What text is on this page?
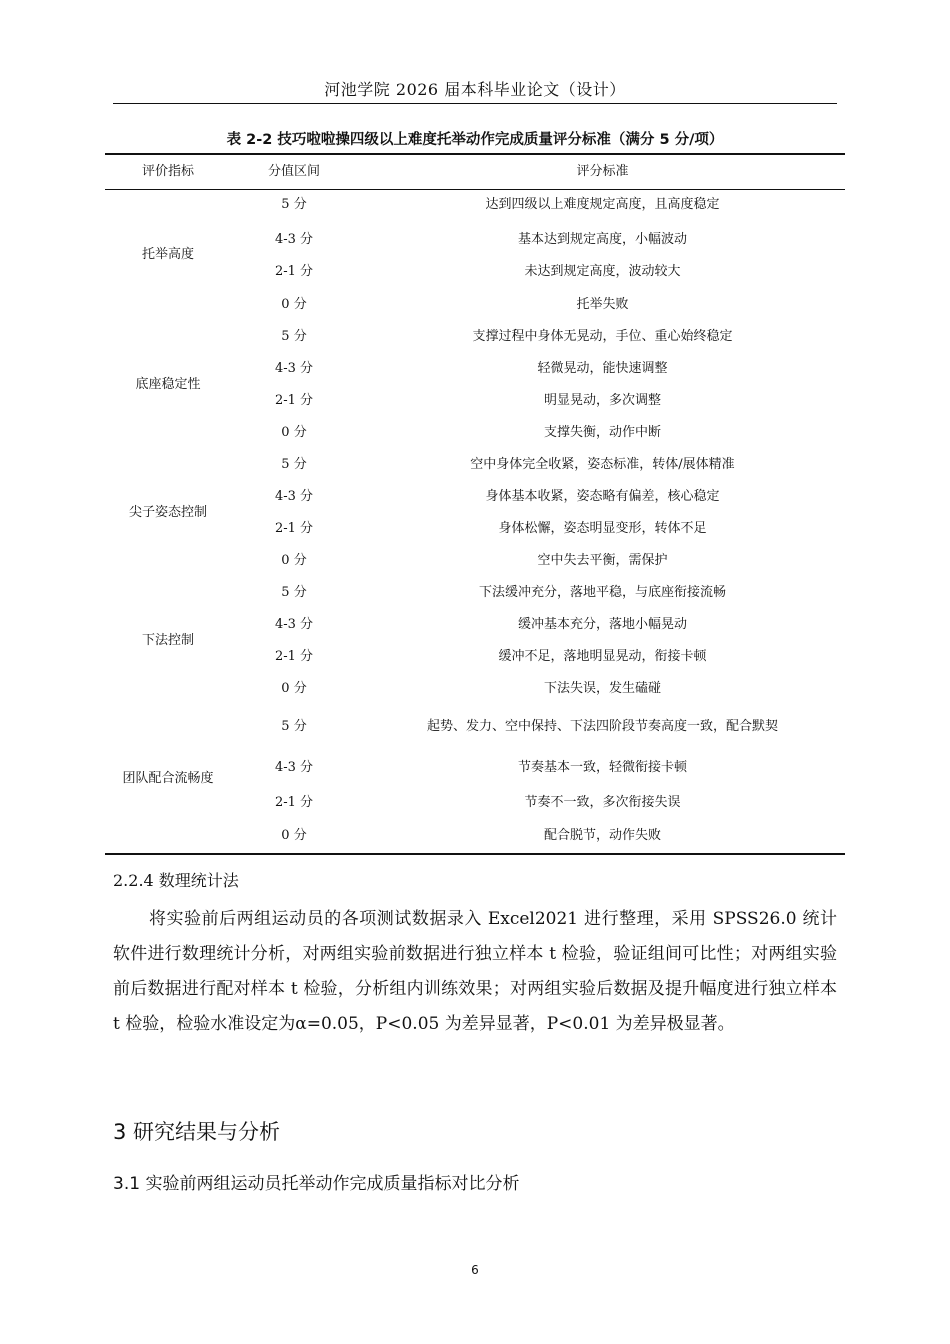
河池学院 2026 届本科毕业论文（设计）
表 2-2 技巧啦啦操四级以上难度托举动作完成质量评分标准（满分 5 分/项）
评价指标	分值区间	评分标准
托举高度
5 分	达到四级以上难度规定高度，且高度稳定
4-3 分	基本达到规定高度，小幅波动
2-1 分	未达到规定高度，波动较大
0 分	托举失败
底座稳定性
5 分	支撑过程中身体无晃动，手位、重心始终稳定
4-3 分	轻微晃动，能快速调整
2-1 分	明显晃动，多次调整
0 分	支撑失衡，动作中断
尖子姿态控制
5 分	空中身体完全收紧，姿态标准，转体/展体精准
4-3 分	身体基本收紧，姿态略有偏差，核心稳定
2-1 分	身体松懈，姿态明显变形，转体不足
0 分	空中失去平衡，需保护
下法控制
5 分	下法缓冲充分，落地平稳，与底座衔接流畅
4-3 分	缓冲基本充分，落地小幅晃动
2-1 分	缓冲不足，落地明显晃动，衔接卡顿
0 分	下法失误，发生磕碰
团队配合流畅度
5 分	起势、发力、空中保持、下法四阶段节奏高度一致，配合默契
4-3 分	节奏基本一致，轻微衔接卡顿
2-1 分	节奏不一致，多次衔接失误
0 分	配合脱节，动作失败
2.2.4 数理统计法

将实验前后两组运动员的各项测试数据录入 Excel2021 进行整理，采用 SPSS26.0 统计软件进行数理统计分析，对两组实验前数据进行独立样本 t 检验，验证组间可比性；对两组实验前后数据进行配对样本 t 检验，分析组内训练效果；对两组实验后数据及提升幅度进行独立样本 t 检验，检验水准设定为α=0.05，P<0.05 为差异显著，P<0.01 为差异极显著。

3 研究结果与分析
3.1 实验前两组运动员托举动作完成质量指标对比分析
6
